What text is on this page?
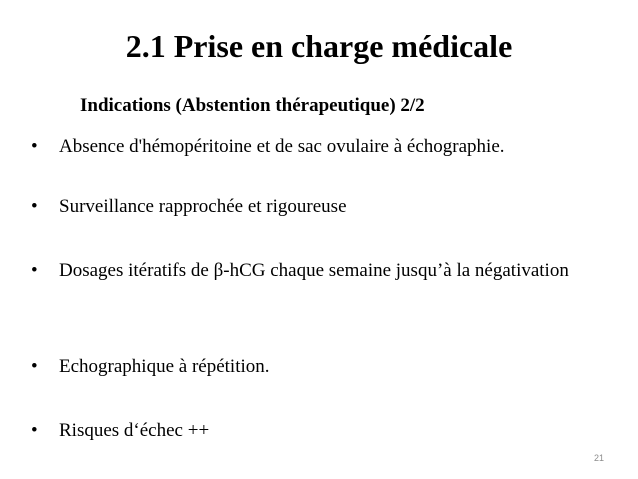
2.1 Prise en charge médicale
Indications (Abstention thérapeutique) 2/2
•	Absence d'hémopéritoine et de sac ovulaire à échographie.
•	Surveillance rapprochée et rigoureuse
•	Dosages itératifs de β-hCG chaque semaine jusqu’à la négativation
•	Echographique à répétition.
•	Risques d‘échec ++
21
